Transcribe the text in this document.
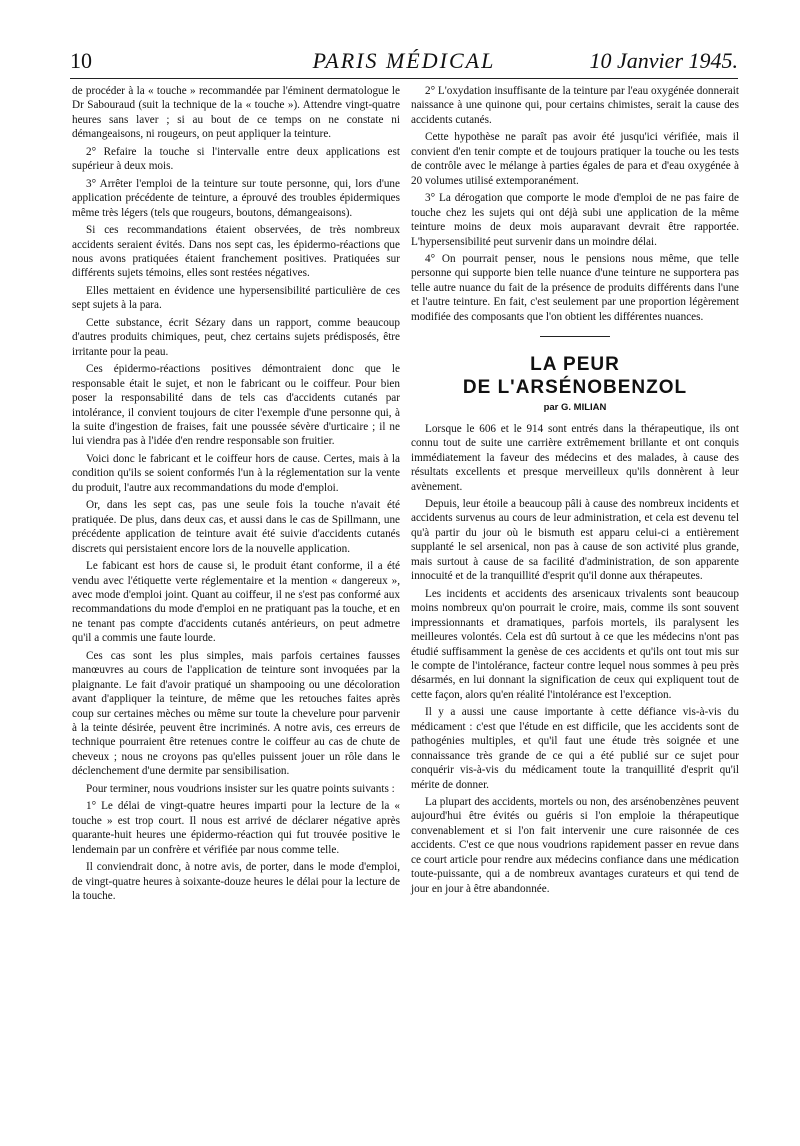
10	PARIS MÉDICAL	10 Janvier 1945.

de procéder à la « touche » recommandée par l'éminent dermatologue le Dr Sabouraud (suit la technique de la « touche »). Attendre vingt-quatre heures sans laver ; si au bout de ce temps on ne constate ni démangeaisons, ni rougeurs, on peut appliquer la teinture.

2° Refaire la touche si l'intervalle entre deux applications est supérieur à deux mois.

3° Arrêter l'emploi de la teinture sur toute personne, qui, lors d'une application précédente de teinture, a éprouvé des troubles épidermiques même très légers (tels que rougeurs, boutons, démangeaisons).

Si ces recommandations étaient observées, de très nombreux accidents seraient évités. Dans nos sept cas, les épidermo-réactions que nous avons pratiquées étaient franchement positives. Pratiquées sur différents sujets témoins, elles sont restées négatives.

Elles mettaient en évidence une hypersensibilité particulière de ces sept sujets à la para.

Cette substance, écrit Sézary dans un rapport, comme beaucoup d'autres produits chimiques, peut, chez certains sujets prédisposés, être irritante pour la peau.

Ces épidermo-réactions positives démontraient donc que le responsable était le sujet, et non le fabricant ou le coiffeur. Pour bien poser la responsabilité dans de tels cas d'accidents cutanés par intolérance, il convient toujours de citer l'exemple d'une personne qui, à la suite d'ingestion de fraises, fait une poussée sévère d'urticaire ; il ne lui viendra pas à l'idée d'en rendre responsable son fruitier.

Voici donc le fabricant et le coiffeur hors de cause. Certes, mais à la condition qu'ils se soient conformés l'un à la réglementation sur la vente du produit, l'autre aux recommandations du mode d'emploi.

Or, dans les sept cas, pas une seule fois la touche n'avait été pratiquée. De plus, dans deux cas, et aussi dans le cas de Spillmann, une précédente application de teinture avait été suivie d'accidents cutanés discrets qui persistaient encore lors de la nouvelle application.

Le fabicant est hors de cause si, le produit étant conforme, il a été vendu avec l'étiquette verte réglementaire et la mention « dangereux », avec mode d'emploi joint. Quant au coiffeur, il ne s'est pas conformé aux recommandations du mode d'emploi en ne pratiquant pas la touche, et en ne tenant pas compte d'accidents cutanés antérieurs, on peut admetre qu'il a commis une faute lourde.

Ces cas sont les plus simples, mais parfois certaines fausses manœuvres au cours de l'application de teinture sont invoquées par la plaignante. Le fait d'avoir pratiqué un shampooing ou une décoloration avant d'appliquer la teinture, de même que les retouches faites après coup sur certaines mèches ou même sur toute la chevelure pour parvenir à la teinte désirée, peuvent être incriminés. A notre avis, ces erreurs de technique pourraient être retenues contre le coiffeur au cas de chute de cheveux ; nous ne croyons pas qu'elles puissent jouer un rôle dans le déclenchement d'une dermite par sensibilisation.

Pour terminer, nous voudrions insister sur les quatre points suivants :

1° Le délai de vingt-quatre heures imparti pour la lecture de la « touche » est trop court. Il nous est arrivé de déclarer négative après quarante-huit heures une épidermo-réaction qui fut trouvée positive le lendemain par un confrère et vérifiée par nous comme telle.

Il conviendrait donc, à notre avis, de porter, dans le mode d'emploi, de vingt-quatre heures à soixante-douze heures le délai pour la lecture de la touche.

2° L'oxydation insuffisante de la teinture par l'eau oxygénée donnerait naissance à une quinone qui, pour certains chimistes, serait la cause des accidents cutanés.

Cette hypothèse ne paraît pas avoir été jusqu'ici vérifiée, mais il convient d'en tenir compte et de toujours pratiquer la touche ou les tests de contrôle avec le mélange à parties égales de para et d'eau oxygénée à 20 volumes utilisé extemporanément.

3° La dérogation que comporte le mode d'emploi de ne pas faire de touche chez les sujets qui ont déjà subi une application de la même teinture moins de deux mois auparavant devrait être rapportée. L'hypersensibilité peut survenir dans un moindre délai.

4° On pourrait penser, nous le pensions nous même, que telle personne qui supporte bien telle nuance d'une teinture ne supportera pas telle autre nuance du fait de la présence de produits différents dans l'une et l'autre teinture. En fait, c'est seulement par une proportion légèrement modifiée des composants que l'on obtient les différentes nuances.

LA PEUR
DE L'ARSÉNOBENZOL
par G. MILIAN

Lorsque le 606 et le 914 sont entrés dans la thérapeutique, ils ont connu tout de suite une carrière extrêmement brillante et ont conquis immédiatement la faveur des médecins et des malades, à cause des résultats excellents et presque merveilleux qu'ils donnèrent à leur avènement.

Depuis, leur étoile a beaucoup pâli à cause des nombreux incidents et accidents survenus au cours de leur administration, et cela est devenu tel qu'à partir du jour où le bismuth est apparu celui-ci a entièrement supplanté le sel arsenical, non pas à cause de son activité plus grande, mais surtout à cause de sa facilité d'administration, de son apparente innocuité et de la tranquillité d'esprit qu'il donne aux thérapeutes.

Les incidents et accidents des arsenicaux trivalents sont beaucoup moins nombreux qu'on pourrait le croire, mais, comme ils sont souvent impressionnants et dramatiques, parfois mortels, ils paralysent les meilleures volontés. Cela est dû surtout à ce que les médecins n'ont pas étudié suffisamment la genèse de ces accidents et qu'ils ont tout mis sur le compte de l'intolérance, facteur contre lequel nous sommes à peu près désarmés, en lui donnant la signification de ceux qui expliquent tout de cette façon, alors qu'en réalité l'intolérance est l'exception.

Il y a aussi une cause importante à cette défiance vis-à-vis du médicament : c'est que l'étude en est difficile, que les accidents sont de pathogénies multiples, et qu'il faut une étude très soignée et une connaissance très grande de ce qui a été publié sur ce sujet pour conquérir vis-à-vis du médicament toute la tranquillité d'esprit qu'il mérite de donner.

La plupart des accidents, mortels ou non, des arsénobenzènes peuvent aujourd'hui être évités ou guéris si l'on emploie la thérapeutique convenablement et si l'on fait intervenir une cure raisonnée de ces accidents. C'est ce que nous voudrions rapidement passer en revue dans ce court article pour rendre aux médecins confiance dans une médication toute-puissante, qui a de nombreux avantages curateurs et qui tend de jour en jour à être abandonnée.
